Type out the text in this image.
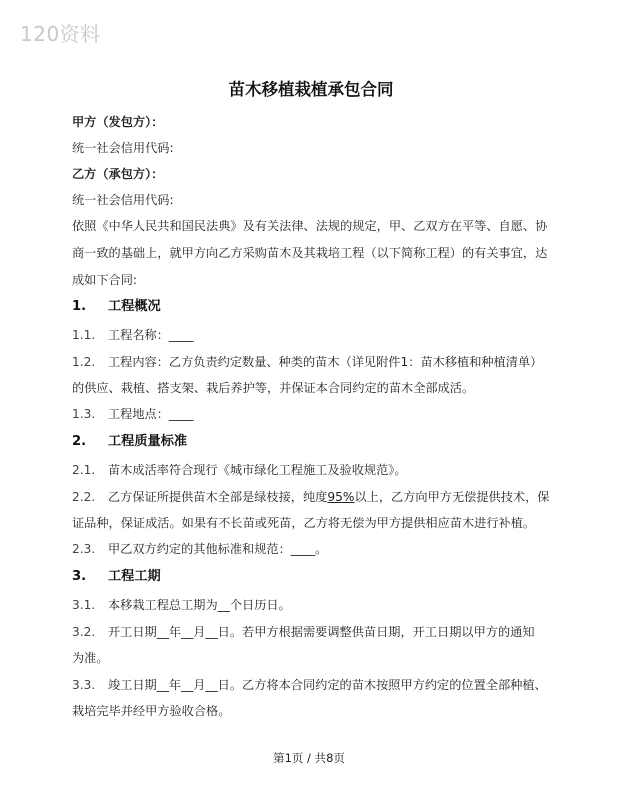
120资料
苗木移植栽植承包合同
甲方（发包方）：
统一社会信用代码:
乙方（承包方）：
统一社会信用代码:
依照《中华人民共和国民法典》及有关法律、法规的规定，甲、乙双方在平等、自愿、协
商一致的基础上，就甲方向乙方采购苗木及其栽培工程（以下简称工程）的有关事宜，达
成如下合同:
1. 工程概况
1.1. 工程名称：____
1.2. 工程内容：乙方负责约定数量、种类的苗木（详见附件1：苗木移植和种植清单）
的供应、栽植、搭支架、栽后养护等，并保证本合同约定的苗木全部成活。
1.3. 工程地点：____
2. 工程质量标准
2.1. 苗木成活率符合现行《城市绿化工程施工及验收规范》。
2.2. 乙方保证所提供苗木全部是绿枝接，纯度95%以上，乙方向甲方无偿提供技术，保
证品种，保证成活。如果有不长苗或死苗，乙方将无偿为甲方提供相应苗木进行补植。
2.3. 甲乙双方约定的其他标准和规范：____。
3. 工程工期
3.1. 本移栽工程总工期为__个日历日。
3.2. 开工日期__年__月__日。若甲方根据需要调整供苗日期，开工日期以甲方的通知
为准。
3.3. 竣工日期__年__月__日。乙方将本合同约定的苗木按照甲方约定的位置全部种植、
栽培完毕并经甲方验收合格。
第1页 / 共8页
